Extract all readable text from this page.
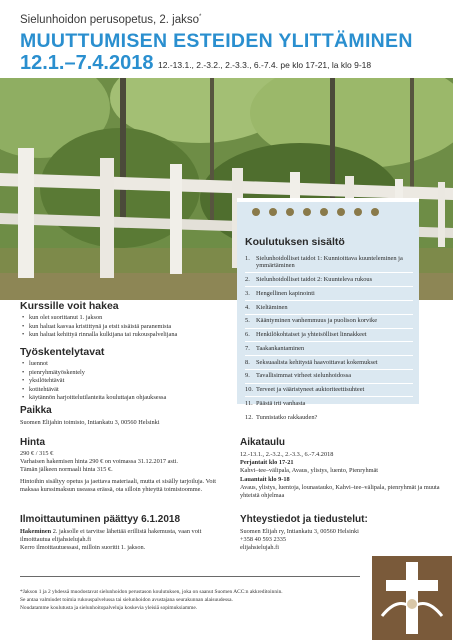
Sielunhoidon perusopetus, 2. jakso*
MUUTTUMISEN ESTEIDEN YLITTÄMINEN
12.1.–7.4.2018 12.-13.1., 2.-3.2., 2.-3.3., 6.-7.4. pe klo 17-21, la klo 9-18
Koulutuksen sisältö
1. Sielunhoidolliset taidot 1: Kunnioittava kuunteleminen ja ymmärtäminen
2. Sielunhoidolliset taidot 2: Kuunteleva rukous
3. Hengellinen kapinointi
4. Kieltäminen
5. Kääntyminen vanhemmuus ja puolison korvike
6. Henkilökohtaiset ja yhteisölliset linnakkeet
7. Taakankantaminen
8. Seksuaalista kehitystä haavoittavat kokemukset
9. Tavallisimmat virheet sielunhoidossa
10. Terveet ja vääristyneet auktoriteettisuhteet
11. Päästä irti vanhasta
12. Tunnistatko rakkauden?
Kurssille voit hakea
• kun olet suorittanut 1. jakson
• kun haluat kasvaa kristittynä ja etsit sisäistä paranemista
• kun haluat kehittyä rinnalla kulkijana tai rukouspalvelijana
Työskentelytavat
• luennot
• pienryhmätyöskentely
• yksilötehtävät
• kotitehtävät
• käytännön harjoittelutilanteita kouluttajan ohjauksessa
Paikka
Suomen Elijahin toimisto, Intiankatu 3, 00560 Helsinki
Hinta

290 € / 315 €
Varhaisen hakemisen hinta 290 € on voimassa 31.12.2017 asti.
Tämän jälkeen normaali hinta 315 €.

Hintoihin sisältyy opetus ja jaettava materiaali, mutta ei sisälly tarjoiluja. Voit maksaa kurssimaksun useassa erässä, ota silloin yhteyttä toimistoomme.

Ilmoittautuminen päättyy 6.1.2018
Hakeminen 2. jaksolle ei tarvitse lähettää erillistä hakemusta, vaan voit ilmoittautua elijahsielujah.fi
Kerro ilmoittautuessasi, milloin suoritit 1. jakson.
Aikataulu
12.-13.1., 2.-3.2., 2.-3.3., 6.-7.4.2018
Perjantait klo 17-21
Kahvi–tee–välipala, Avaus, ylistys, luento, Pienryhmät
Lauantait klo 9-18
Avaus, ylistys, luentoja, lounastauko, Kahvi–tee–välipala, pienryhmät ja muuta yhteistä ohjelmaa
Yhteystiedot ja tiedustelut:
Suomen Elijah ry, Intiankatu 3, 00560 Helsinki
+358 40 593 2335
elijahsielujah.fi
*Jakson 1 ja 2 yhdessä muodostavat sielunhoidon perustason koulutuksen, joka on saanut Suomen ACC:n akkreditoinnin.
Se antaa valmiudet toimia rukouspalvelussa tai sielunhoidon avustajana seurakunnan alaisuudessa.
Noudatamme koulutusta ja sielunhoitopalveluja koskevia yleisiä sopimuksiamme.
